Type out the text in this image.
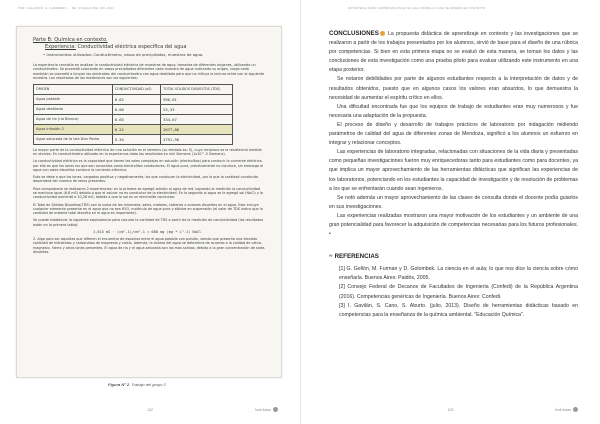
POR: GALLARDO, G. GUERRERO ... DE: COLEGIO DEL SOL 2021
Parte B: Química en contexto.
Experiencia: Conductividad eléctrica específica del agua
• Instrumentos utilizados: Conductímetro, vasos de precipitados, muestras de agua.
La experiencia consistía en analizar la conductividad eléctrica de muestras de agua, tomadas de diferentes orígenes, utilizando un conductímetro. Se procedió colocando en vasos precipitados diferentes cada muestra de agua indicando su origen, luego cada medición se procedió a limpiar los electrodos del conductímetro con agua destilada para que no influya la lectura entre con la siguiente muestra. Los resultados de las mediciones son los siguientes:
ORIGEN	CONDUCTIVIDAD (uS)	TOTAL SOLIDOS DISUELTOS (TDS)
Agua potable	0.82	596,61
Agua destilada	0.06	23,33
Agua de río (río Blanco)	0.65	334,67
Agua infusión 2	8.22	2677,86
Agua saturada de la Isla Don Pedro	5.34	3791,90
La mayor parte de la conductividad eléctrica de una solución es el siemens (su símbolo es: S), cuyo recíproco es la resistencia medida en ohmios. En conductímetro utilizado en la experiencia daba los resultados en mili Siemens (1x10^-3 Siemens).
La conductividad eléctrica es la capacidad que tienen las sales complejas en solución (electrolitos) para conducir la corriente eléctrica, por ello es que los iones los que son conocidos como electrolitos conductores. El agua pura, prácticamente no conduce, sin embargo el agua con sales disueltas conduce la corriente eléctrica.
Esto se debe a que los iones, cargados positiva y negativamente, los que conducen la electricidad, por lo que la cantidad conducida dependerá del número de iones presentes.
Para comprobarlo se realizaron 2 experiencias: en la primera se agregó adición al agua de red, logrando la medición la conductividad se mantuvo igual (6,8 mS) debido a que el azúcar no es conductor de la electricidad. En la segunda al agua se le agregó sal (NaCl) y la conductividad aumentó a 10,28 mS, debido a que la sal es un electrolito conductor.
El Total de Sólidos Disueltos(TDS) son la suma de los minerales, sales, metales, cationes o aniones disueltos en el agua. Esto incluye cualquier elemento presente en el agua que no sea H2O, molécula de agua pura y sólidos en suspensión (el valor de TDS indica que la cantidad de materia total disuelta en el agua es importante).
Se puede establecer la siguiente equivalencia para calcular la cantidad de TDS a partir de la medición de conductividad (los resultados están en la primera tabla):
1,615 mS · (cm^-1)/cm^-1 = 680 mg (mg * L^-1) NaCl
2. Algo para ser aquellas que difieren el encuentro de espacios entre el agua potable con pulsión, siendo que presenta una elevada cantidad de hidróxidos y carbonatos de magnesio y calcio. Además, la dureza del agua se determina de acuerdo a la calidad de calcio, magnesio, hierro y otros iones presentes. El agua de río y el agua saturada son las más salinas, debido a la gran concentración de sales disueltas.
Figura N° 2. Trabajo del grupo 2
102	Ínsil Actas
ESTRATEGIA PARA COMPETENCIAS EN EL AULA DESDE LO QUE SE ENSEÑA EN CONTEXTO

CONCLUSIONES La propuesta didáctica de aprendizaje en contexto y las investigaciones que se realizaron a partir de los trabajos presentados por los alumnos, sirvió de base para el diseño de una rúbrica por competencias. Si bien en esta primera etapa no se evaluó de esta manera, se toman los datos y las conclusiones de esta investigación como una prueba piloto para evaluar utilizando este instrumento en una etapa posterior.

Se notaron debilidades por parte de algunos estudiantes respecto a la interpretación de datos y de resultados obtenidos, puesto que en algunos casos los valores eran absurdos, lo que demuestra la necesidad de aumentar el espíritu crítico en ellos.

Una dificultad encontrada fue que los equipos de trabajo de estudiantes eran muy numerosos y fue necesaria una adaptación de la propuesta.

El proceso de diseño y desarrollo de trabajos prácticos de laboratorio por indagación midiendo parámetros de calidad del agua de diferentes zonas de Mendoza, significó a los alumnos un esfuerzo en integrar y relacionar conceptos.

Las experiencias de laboratorio integradas, relacionadas con situaciones de la vida diaria y presentadas como pequeñas investigaciones fueron muy enriquecedoras tanto para estudiantes como para docentes, ya que implica un mayor aprovechamiento de las herramientas didácticas que significan las experiencias de los laboratorios, potenciando en los estudiantes la capacidad de investigación y de resolución de problemas a los que se enfrentarán cuando sean ingenieros.

Se notó además un mayor aprovechamiento de las clases de consulta donde el docente podía guiarlos en sus investigaciones.

Las experiencias realizadas mostraron una mayor motivación de los estudiantes y un ambiente de una gran potencialidad para favorecer la adquisición de competencias necesarias para los futuros profesionales. •

∞ REFERENCIAS

[1] G. Gellón, M. Furman y D. Golombek. La ciencia en el aula; lo que nos dice la ciencia sobre cómo enseñarla. Buenos Aires: Paidós, 2005.

[2] Consejo Federal de Decanos de Facultades de Ingeniería (Confedi) de la República Argentina (2016). Competencias genéricas de Ingeniería. Buenos Aires: Confedi.

[3] I. Gavilán, S. Cano, S. Aburto. (julio, 2013). Diseño de herramientas didácticas basado en competencias para la enseñanza de la química ambiental. "Educación Química".

103	Ínsil Actas
